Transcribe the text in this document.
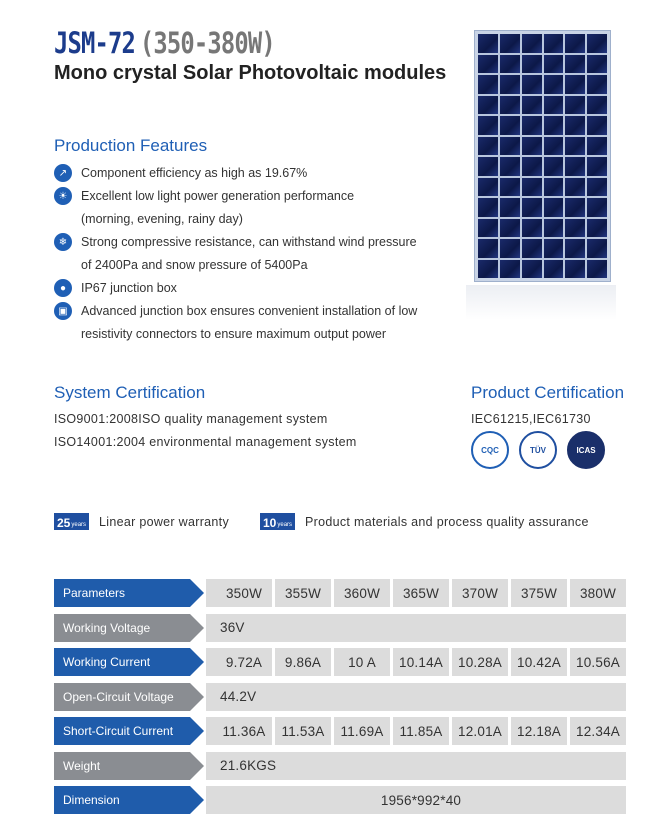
JSM-72 (350-380W)
Mono crystal Solar Photovoltaic modules
Production Features
↗	Component efficiency as high as 19.67%
☀	Excellent low light power generation performance
(morning, evening, rainy day)
❄	Strong compressive resistance, can withstand wind pressure
of 2400Pa and snow pressure of 5400Pa
●	IP67 junction box
▣	Advanced junction box ensures convenient installation of low
resistivity connectors to ensure maximum output power
System Certification
ISO9001:2008ISO quality management system
ISO14001:2004 environmental management system
Product Certification
IEC61215,IEC61730
CQC	TÜV	ICAS
25 years Linear power warranty	10 years Product materials and process quality assurance
Parameters	350W	355W	360W	365W	370W	375W	380W
Working Voltage	36V
Working Current	9.72A	9.86A	10 A	10.14A	10.28A	10.42A	10.56A
Open-Circuit Voltage	44.2V
Short-Circuit Current	11.36A	11.53A	11.69A	11.85A	12.01A	12.18A	12.34A
Weight	21.6KGS
Dimension	1956*992*40
